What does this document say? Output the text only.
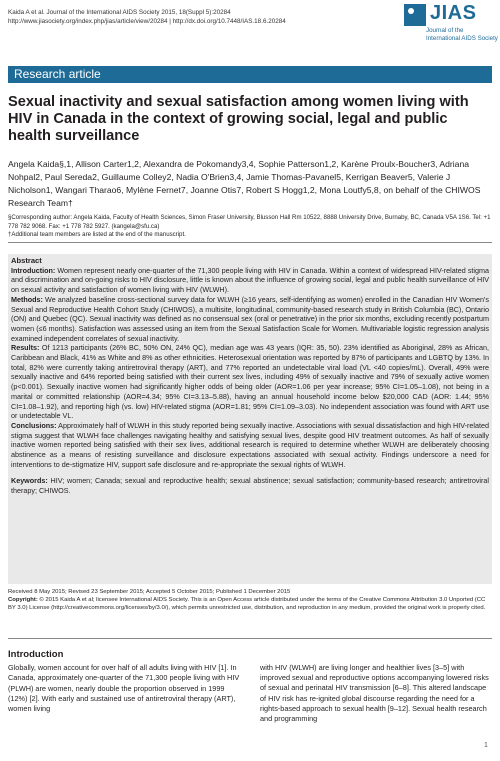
Kaida A et al. Journal of the International AIDS Society 2015, 18(Suppl 5):20284
http://www.jiasociety.org/index.php/jias/article/view/20284 | http://dx.doi.org/10.7448/IAS.18.6.20284	JIAS
Journal of the International AIDS Society
Research article
Sexual inactivity and sexual satisfaction among women living with HIV in Canada in the context of growing social, legal and public health surveillance
Angela Kaida§,1, Allison Carter1,2, Alexandra de Pokomandy3,4, Sophie Patterson1,2, Karène Proulx-Boucher3, Adriana Nohpal2, Paul Sereda2, Guillaume Colley2, Nadia O'Brien3,4, Jamie Thomas-Pavanel5, Kerrigan Beaver5, Valerie J Nicholson1, Wangari Tharao6, Mylène Fernet7, Joanne Otis7, Robert S Hogg1,2, Mona Loutfy5,8, on behalf of the CHIWOS Research Team†
§Corresponding author: Angela Kaida, Faculty of Health Sciences, Simon Fraser University, Blusson Hall Rm 10522, 8888 University Drive, Burnaby, BC, Canada V5A 1S6. Tel: +1 778 782 9068. Fax: +1 778 782 5927. (kangela@sfu.ca)
†Additional team members are listed at the end of the manuscript.

Abstract

Introduction: Women represent nearly one-quarter of the 71,300 people living with HIV in Canada. Within a context of widespread HIV-related stigma and discrimination and on-going risks to HIV disclosure, little is known about the influence of growing social, legal and public health surveillance of HIV on sexual activity and satisfaction of women living with HIV (WLWH).

Methods: We analyzed baseline cross-sectional survey data for WLWH (≥16 years, self-identifying as women) enrolled in the Canadian HIV Women's Sexual and Reproductive Health Cohort Study (CHIWOS), a multisite, longitudinal, community-based research study in British Columbia (BC), Ontario (ON) and Quebec (QC). Sexual inactivity was defined as no consensual sex (oral or penetrative) in the prior six months, excluding recently postpartum women (≤6 months). Satisfaction was assessed using an item from the Sexual Satisfaction Scale for Women. Multivariable logistic regression analysis examined independent correlates of sexual inactivity.

Results: Of 1213 participants (26% BC, 50% ON, 24% QC), median age was 43 years (IQR: 35, 50). 23% identified as Aboriginal, 28% as African, Caribbean and Black, 41% as White and 8% as other ethnicities. Heterosexual orientation was reported by 87% of participants and LGBTQ by 13%. In total, 82% were currently taking antiretroviral therapy (ART), and 77% reported an undetectable viral load (VL <40 copies/mL). Overall, 49% were sexually inactive and 64% reported being satisfied with their current sex lives, including 49% of sexually inactive and 79% of sexually active women (p<0.001). Sexually inactive women had significantly higher odds of being older (AOR=1.06 per year increase; 95% CI=1.05–1.08), not being in a marital or committed relationship (AOR=4.34; 95% CI=3.13–5.88), having an annual household income below $20,000 CAD (AOR: 1.44; 95% CI=1.08–1.92), and reporting high (vs. low) HIV-related stigma (AOR=1.81; 95% CI=1.09–3.03). No independent association was found with ART use or undetectable VL.

Conclusions: Approximately half of WLWH in this study reported being sexually inactive. Associations with sexual dissatisfaction and high HIV-related stigma suggest that WLWH face challenges navigating healthy and satisfying sexual lives, despite good HIV treatment outcomes. As half of sexually inactive women reported being satisfied with their sex lives, additional research is required to determine whether WLWH are deliberately choosing abstinence as a means of resisting surveillance and disclosure expectations associated with sexual activity. Findings underscore a need for interventions to de-stigmatize HIV, support safe disclosure and re-appropriate the sexual rights of WLWH.

Keywords: HIV; women; Canada; sexual and reproductive health; sexual abstinence; sexual satisfaction; community-based research; antiretroviral therapy; CHIWOS.

Received 8 May 2015; Revised 23 September 2015; Accepted 5 October 2015; Published 1 December 2015
Copyright: © 2015 Kaida A et al; licensee International AIDS Society. This is an Open Access article distributed under the terms of the Creative Commons Attribution 3.0 Unported (CC BY 3.0) License (http://creativecommons.org/licenses/by/3.0/), which permits unrestricted use, distribution, and reproduction in any medium, provided the original work is properly cited.

Introduction

Globally, women account for over half of all adults living with HIV [1]. In Canada, approximately one-quarter of the 71,300 people living with HIV (PLWH) are women, nearly double the proportion observed in 1999 (12%) [2]. With early and sustained use of antiretroviral therapy (ART), women living

with HIV (WLWH) are living longer and healthier lives [3–5] with improved sexual and reproductive options accompanying lowered risks of sexual and perinatal HIV transmission [6–8]. This altered landscape of HIV risk has re-ignited global discourse regarding the need for a rights-based approach to sexual health [9–12]. Sexual health research and programming

1
